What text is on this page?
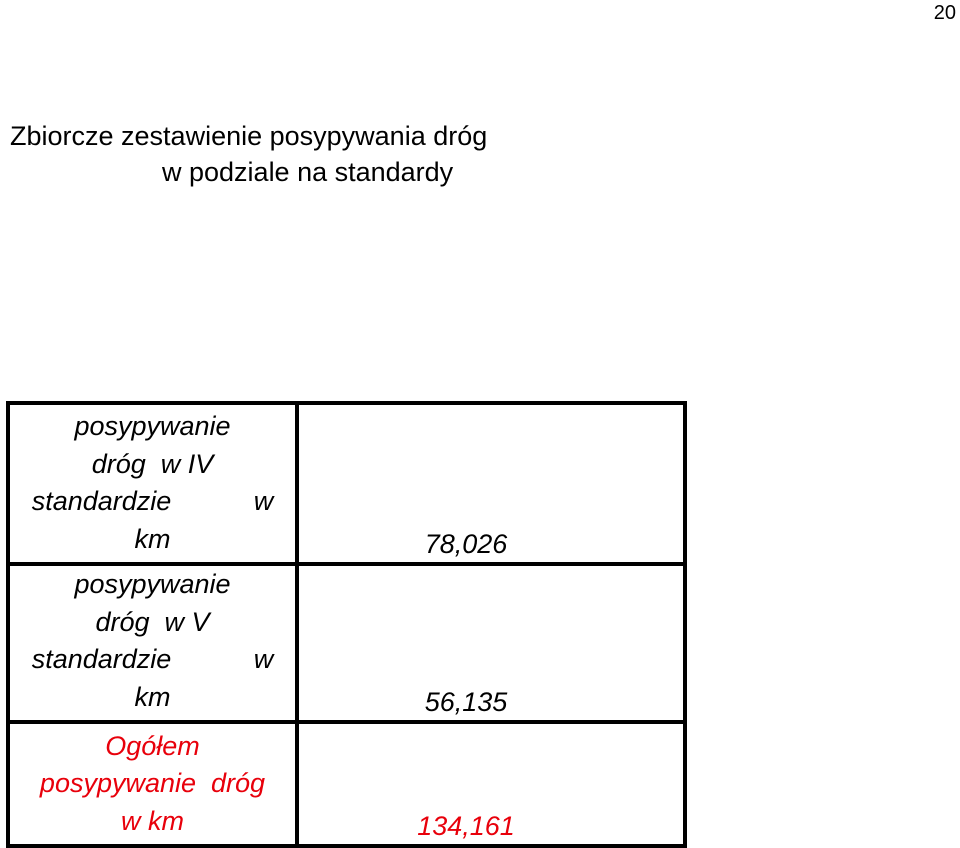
20
Zbiorcze zestawienie posypywania dróg
w podziale na standardy
posypywanie
dróg  w IV
standardzie           w
km	78,026

posypywanie
dróg  w V
standardzie           w
km	56,135

Ogółem
posypywanie  dróg
w km	134,161
